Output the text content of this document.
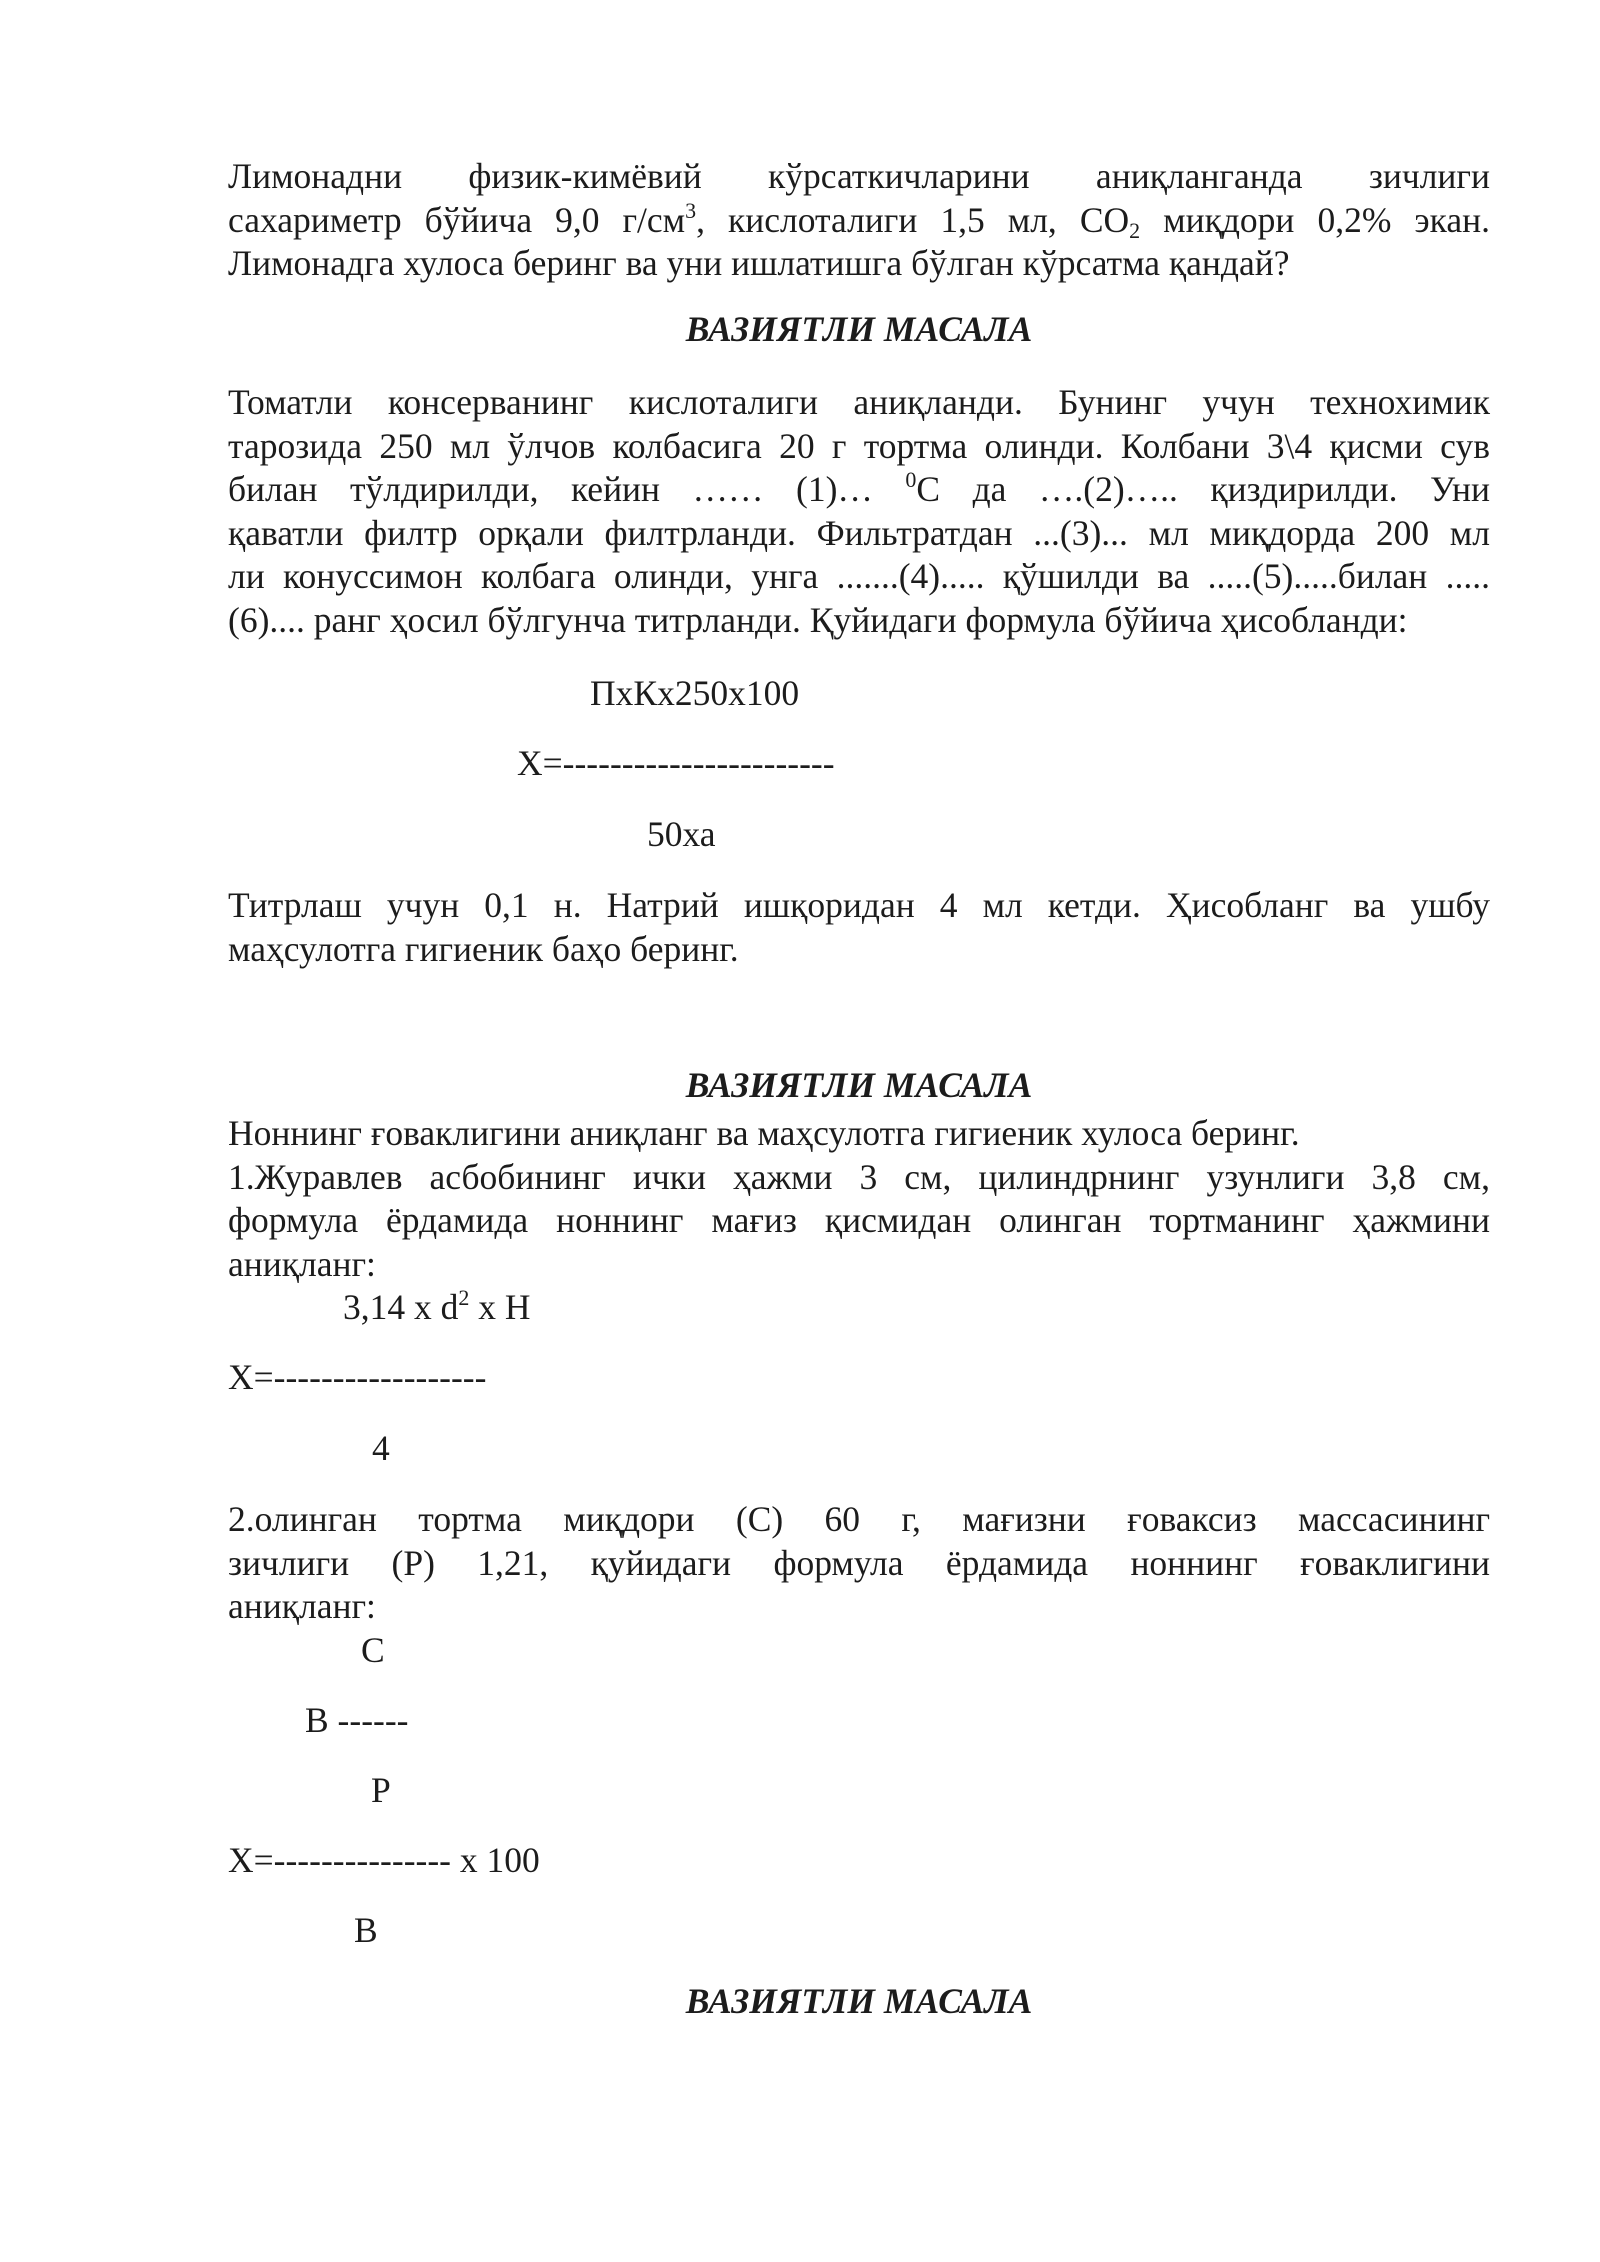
Лимонадни физик-кимёвий кўрсаткичларини аниқланганда зичлиги
сахариметр бўйича 9,0 $г/см^3$, кислоталиги 1,5 мл, $СО_2$ миқдори 0,2% экан.
Лимонадга хулоса беринг ва уни ишлатишга бўлган кўрсатма қандай?
ВАЗИЯТЛИ МАСАЛА
Томатли консерванинг кислоталиги аниқланди. Бунинг учун технохимик
тарозида 250 мл ўлчов колбасига 20 г тортма олинди. Колбани 3\4 қисми сув
билан тўлдирилди, кейин …… (1)… $^0$С да ….(2)….. қиздирилди. Уни
қаватли филтр орқали филтрланди. Фильтратдан ...(3)... мл миқдорда 200 мл
ли конуссимон колбага олинди, унга .......(4)..... қўшилди ва .....(5).....билан .....
(6).... ранг ҳосил бўлгунча титрланди. Қуйидаги формула бўйича ҳисобланди:
ПхКх250х100
Х=-----------------------
50ха
Титрлаш учун 0,1 н. Натрий ишқоридан 4 мл кетди. Ҳисобланг ва ушбу
маҳсулотга гигиеник баҳо беринг.
ВАЗИЯТЛИ МАСАЛА
Ноннинг ғоваклигини аниқланг ва маҳсулотга гигиеник хулоса беринг.
1.Журавлев асбобининг ички ҳажми 3 см, цилиндрнинг узунлиги 3,8 см,
формула ёрдамида ноннинг мағиз қисмидан олинган тортманинг ҳажмини
аниқланг:
3,14 х $d^2$ х Н
Х=------------------
4
2.олинган тортма миқдори (С) 60 г, мағизни ғоваксиз массасининг
зичлиги (Р) 1,21, қуйидаги формула ёрдамида ноннинг ғоваклигини
аниқланг:
С
В ------
Р
Х=--------------- х 100
В
ВАЗИЯТЛИ МАСАЛА
